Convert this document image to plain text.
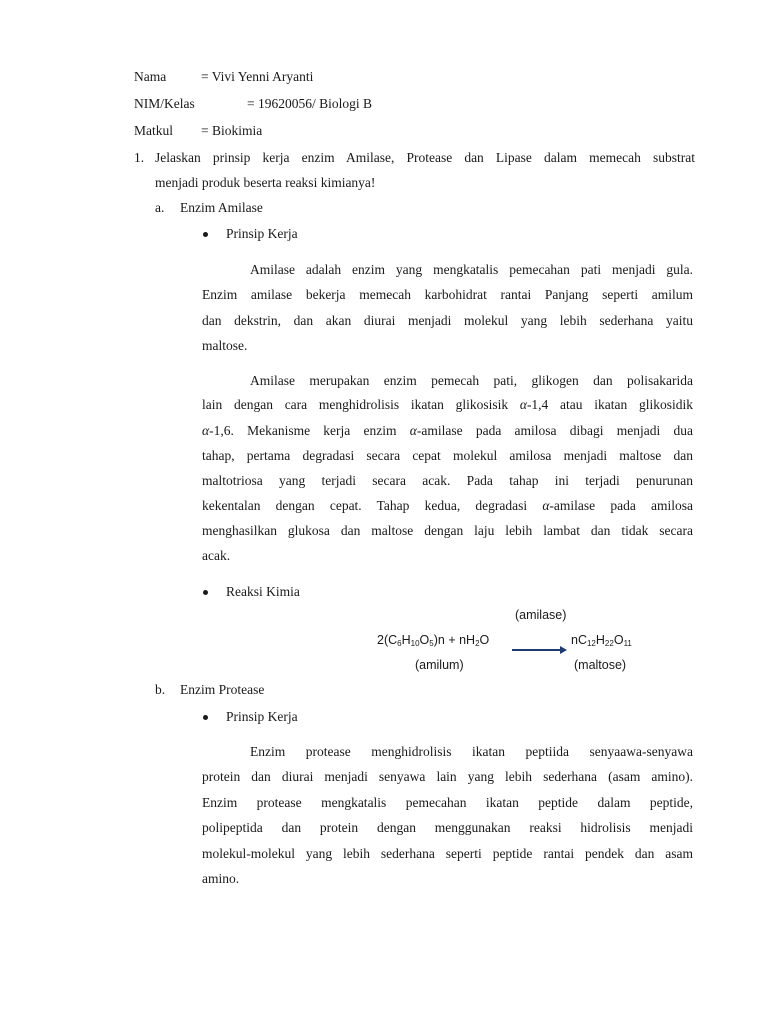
Nama	= Vivi Yenni Aryanti
NIM/Kelas	= 19620056/ Biologi B
Matkul = Biokimia
1. Jelaskan prinsip kerja enzim Amilase, Protease dan Lipase dalam memecah substrat
menjadi produk beserta reaksi kimianya!
a. Enzim Amilase
Prinsip Kerja
Amilase adalah enzim yang mengkatalis pemecahan pati menjadi gula.
Enzim amilase bekerja memecah karbohidrat rantai Panjang seperti amilum
dan dekstrin, dan akan diurai menjadi molekul yang lebih sederhana yaitu
maltose.
Amilase merupakan enzim pemecah pati, glikogen dan polisakarida
lain dengan cara menghidrolisis ikatan glikosisik α-1,4 atau ikatan glikosidik
α-1,6. Mekanisme kerja enzim α-amilase pada amilosa dibagi menjadi dua
tahap, pertama degradasi secara cepat molekul amilosa menjadi maltose dan
maltotriosa yang terjadi secara acak. Pada tahap ini terjadi penurunan
kekentalan dengan cepat. Tahap kedua, degradasi α-amilase pada amilosa
menghasilkan glukosa dan maltose dengan laju lebih lambat dan tidak secara
acak.
Reaksi Kimia
(amilase)
$2(C_6H_{10}O_5)n + nH_2O$	$nC_{12}H_{22}O_{11}$
(amilum)	(maltose)
b. Enzim Protease
Prinsip Kerja
Enzim protease menghidrolisis ikatan peptiida senyaawa-senyawa
protein dan diurai menjadi senyawa lain yang lebih sederhana (asam amino).
Enzim protease mengkatalis pemecahan ikatan peptide dalam peptide,
polipeptida dan protein dengan menggunakan reaksi hidrolisis menjadi
molekul-molekul yang lebih sederhana seperti peptide rantai pendek dan asam
amino.
